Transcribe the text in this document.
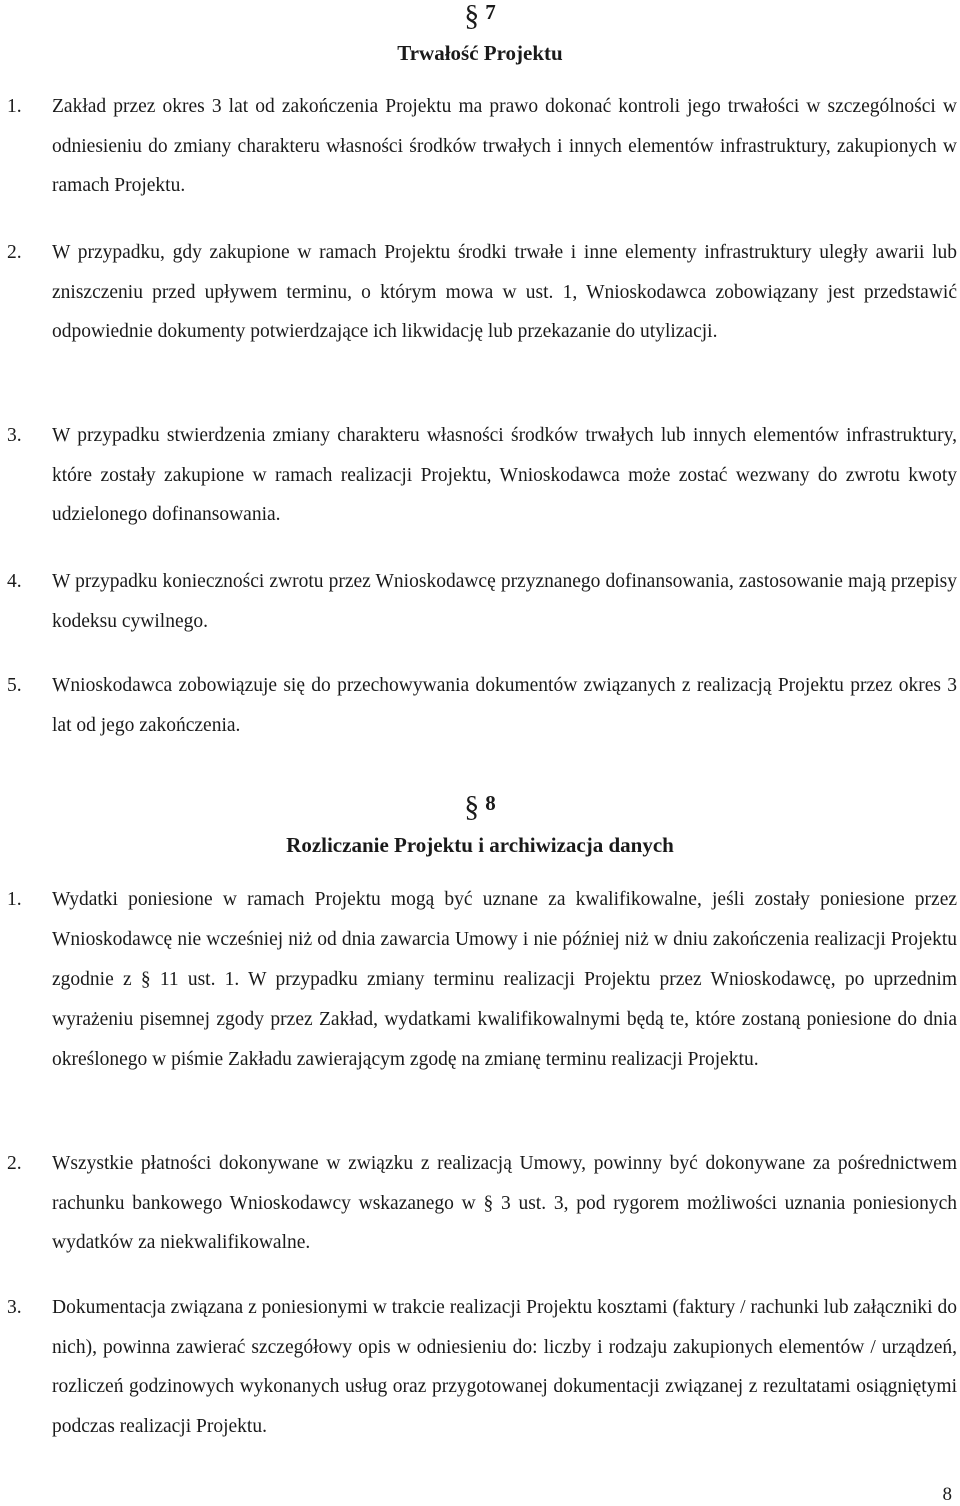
§ 7
Trwałość Projektu
1. Zakład przez okres 3 lat od zakończenia Projektu ma prawo dokonać kontroli jego trwałości w szczególności w odniesieniu do zmiany charakteru własności środków trwałych i innych elementów infrastruktury, zakupionych w ramach Projektu.
2. W przypadku, gdy zakupione w ramach Projektu środki trwałe i inne elementy infrastruktury uległy awarii lub zniszczeniu przed upływem terminu, o którym mowa w ust. 1, Wnioskodawca zobowiązany jest przedstawić odpowiednie dokumenty potwierdzające ich likwidację lub przekazanie do utylizacji.
3. W przypadku stwierdzenia zmiany charakteru własności środków trwałych lub innych elementów infrastruktury, które zostały zakupione w ramach realizacji Projektu, Wnioskodawca może zostać wezwany do zwrotu kwoty udzielonego dofinansowania.
4. W przypadku konieczności zwrotu przez Wnioskodawcę przyznanego dofinansowania, zastosowanie mają przepisy kodeksu cywilnego.
5. Wnioskodawca zobowiązuje się do przechowywania dokumentów związanych z realizacją Projektu przez okres 3 lat od jego zakończenia.
§ 8
Rozliczanie Projektu i archiwizacja danych
1. Wydatki poniesione w ramach Projektu mogą być uznane za kwalifikowalne, jeśli zostały poniesione przez Wnioskodawcę nie wcześniej niż od dnia zawarcia Umowy i nie później niż w dniu zakończenia realizacji Projektu zgodnie z § 11 ust. 1. W przypadku zmiany terminu realizacji Projektu przez Wnioskodawcę, po uprzednim wyrażeniu pisemnej zgody przez Zakład, wydatkami kwalifikowalnymi będą te, które zostaną poniesione do dnia określonego w piśmie Zakładu zawierającym zgodę na zmianę terminu realizacji Projektu.
2. Wszystkie płatności dokonywane w związku z realizacją Umowy, powinny być dokonywane za pośrednictwem rachunku bankowego Wnioskodawcy wskazanego w § 3 ust. 3, pod rygorem możliwości uznania poniesionych wydatków za niekwalifikowalne.
3. Dokumentacja związana z poniesionymi w trakcie realizacji Projektu kosztami (faktury / rachunki lub załączniki do nich), powinna zawierać szczegółowy opis w odniesieniu do: liczby i rodzaju zakupionych elementów / urządzeń, rozliczeń godzinowych wykonanych usług oraz przygotowanej dokumentacji związanej z rezultatami osiągniętymi podczas realizacji Projektu.
8
